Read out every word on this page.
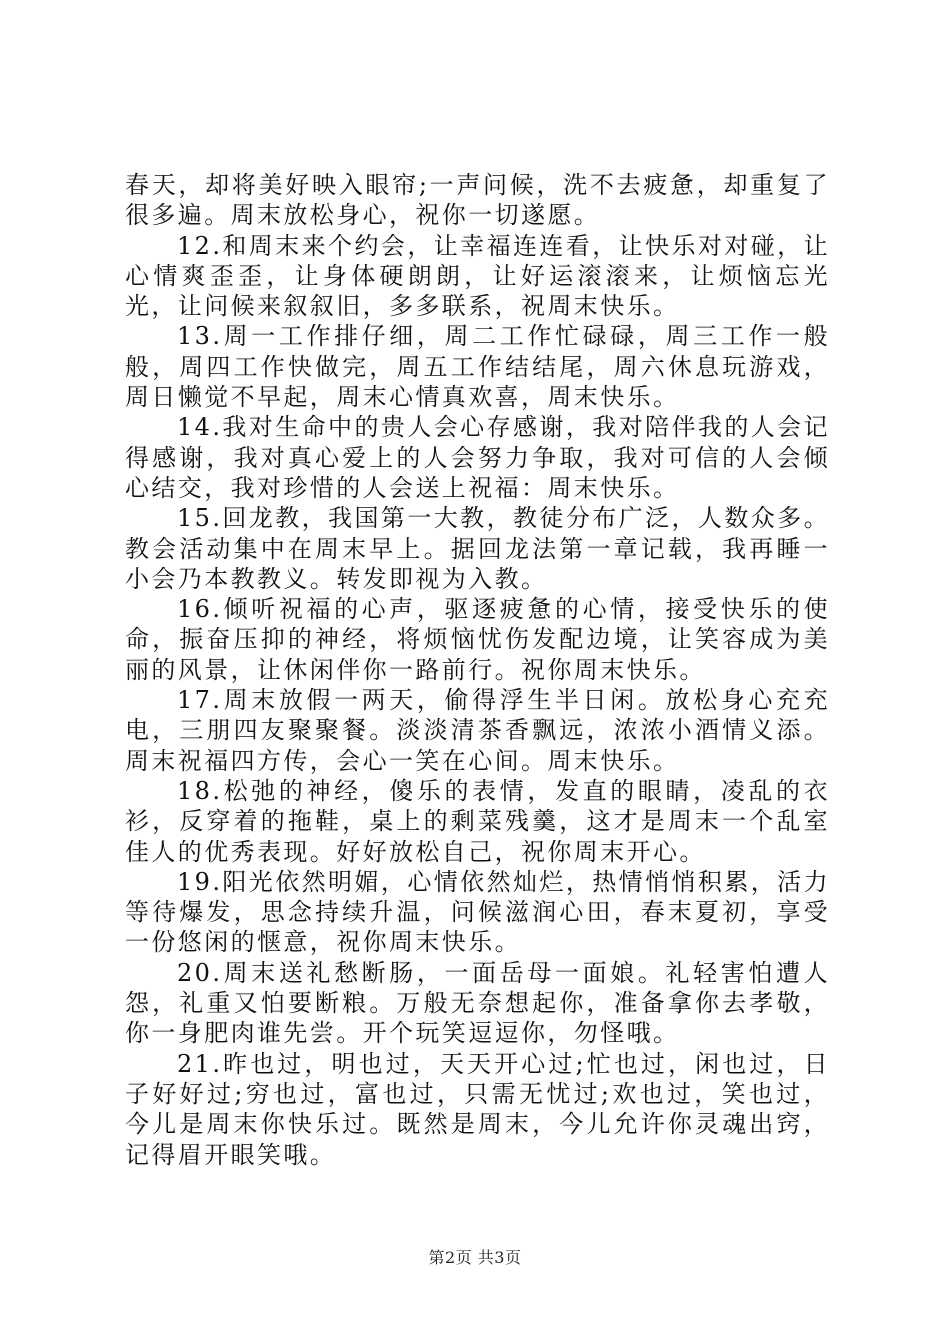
春天，却将美好映入眼帘;一声问候，洗不去疲惫，却重复了很多遍。周末放松身心，祝你一切遂愿。

12.和周末来个约会，让幸福连连看，让快乐对对碰，让心情爽歪歪，让身体硬朗朗，让好运滚滚来，让烦恼忘光光，让问候来叙叙旧，多多联系，祝周末快乐。

13.周一工作排仔细，周二工作忙碌碌，周三工作一般般，周四工作快做完，周五工作结结尾，周六休息玩游戏，周日懒觉不早起，周末心情真欢喜，周末快乐。

14.我对生命中的贵人会心存感谢，我对陪伴我的人会记得感谢，我对真心爱上的人会努力争取，我对可信的人会倾心结交，我对珍惜的人会送上祝福：周末快乐。

15.回龙教，我国第一大教，教徒分布广泛，人数众多。教会活动集中在周末早上。据回龙法第一章记载，我再睡一小会乃本教教义。转发即视为入教。

16.倾听祝福的心声，驱逐疲惫的心情，接受快乐的使命，振奋压抑的神经，将烦恼忧伤发配边境，让笑容成为美丽的风景，让休闲伴你一路前行。祝你周末快乐。

17.周末放假一两天，偷得浮生半日闲。放松身心充充电，三朋四友聚聚餐。淡淡清茶香飘远，浓浓小酒情义添。周末祝福四方传，会心一笑在心间。周末快乐。

18.松弛的神经，傻乐的表情，发直的眼睛，凌乱的衣衫，反穿着的拖鞋，桌上的剩菜残羹，这才是周末一个乱室佳人的优秀表现。好好放松自己，祝你周末开心。

19.阳光依然明媚，心情依然灿烂，热情悄悄积累，活力等待爆发，思念持续升温，问候滋润心田，春末夏初，享受一份悠闲的惬意，祝你周末快乐。

20.周末送礼愁断肠，一面岳母一面娘。礼轻害怕遭人怨，礼重又怕要断粮。万般无奈想起你，准备拿你去孝敬，你一身肥肉谁先尝。开个玩笑逗逗你，勿怪哦。

21.昨也过，明也过，天天开心过;忙也过，闲也过，日子好好过;穷也过，富也过，只需无忧过;欢也过，笑也过，今儿是周末你快乐过。既然是周末，今儿允许你灵魂出窍，记得眉开眼笑哦。

第2页 共3页
